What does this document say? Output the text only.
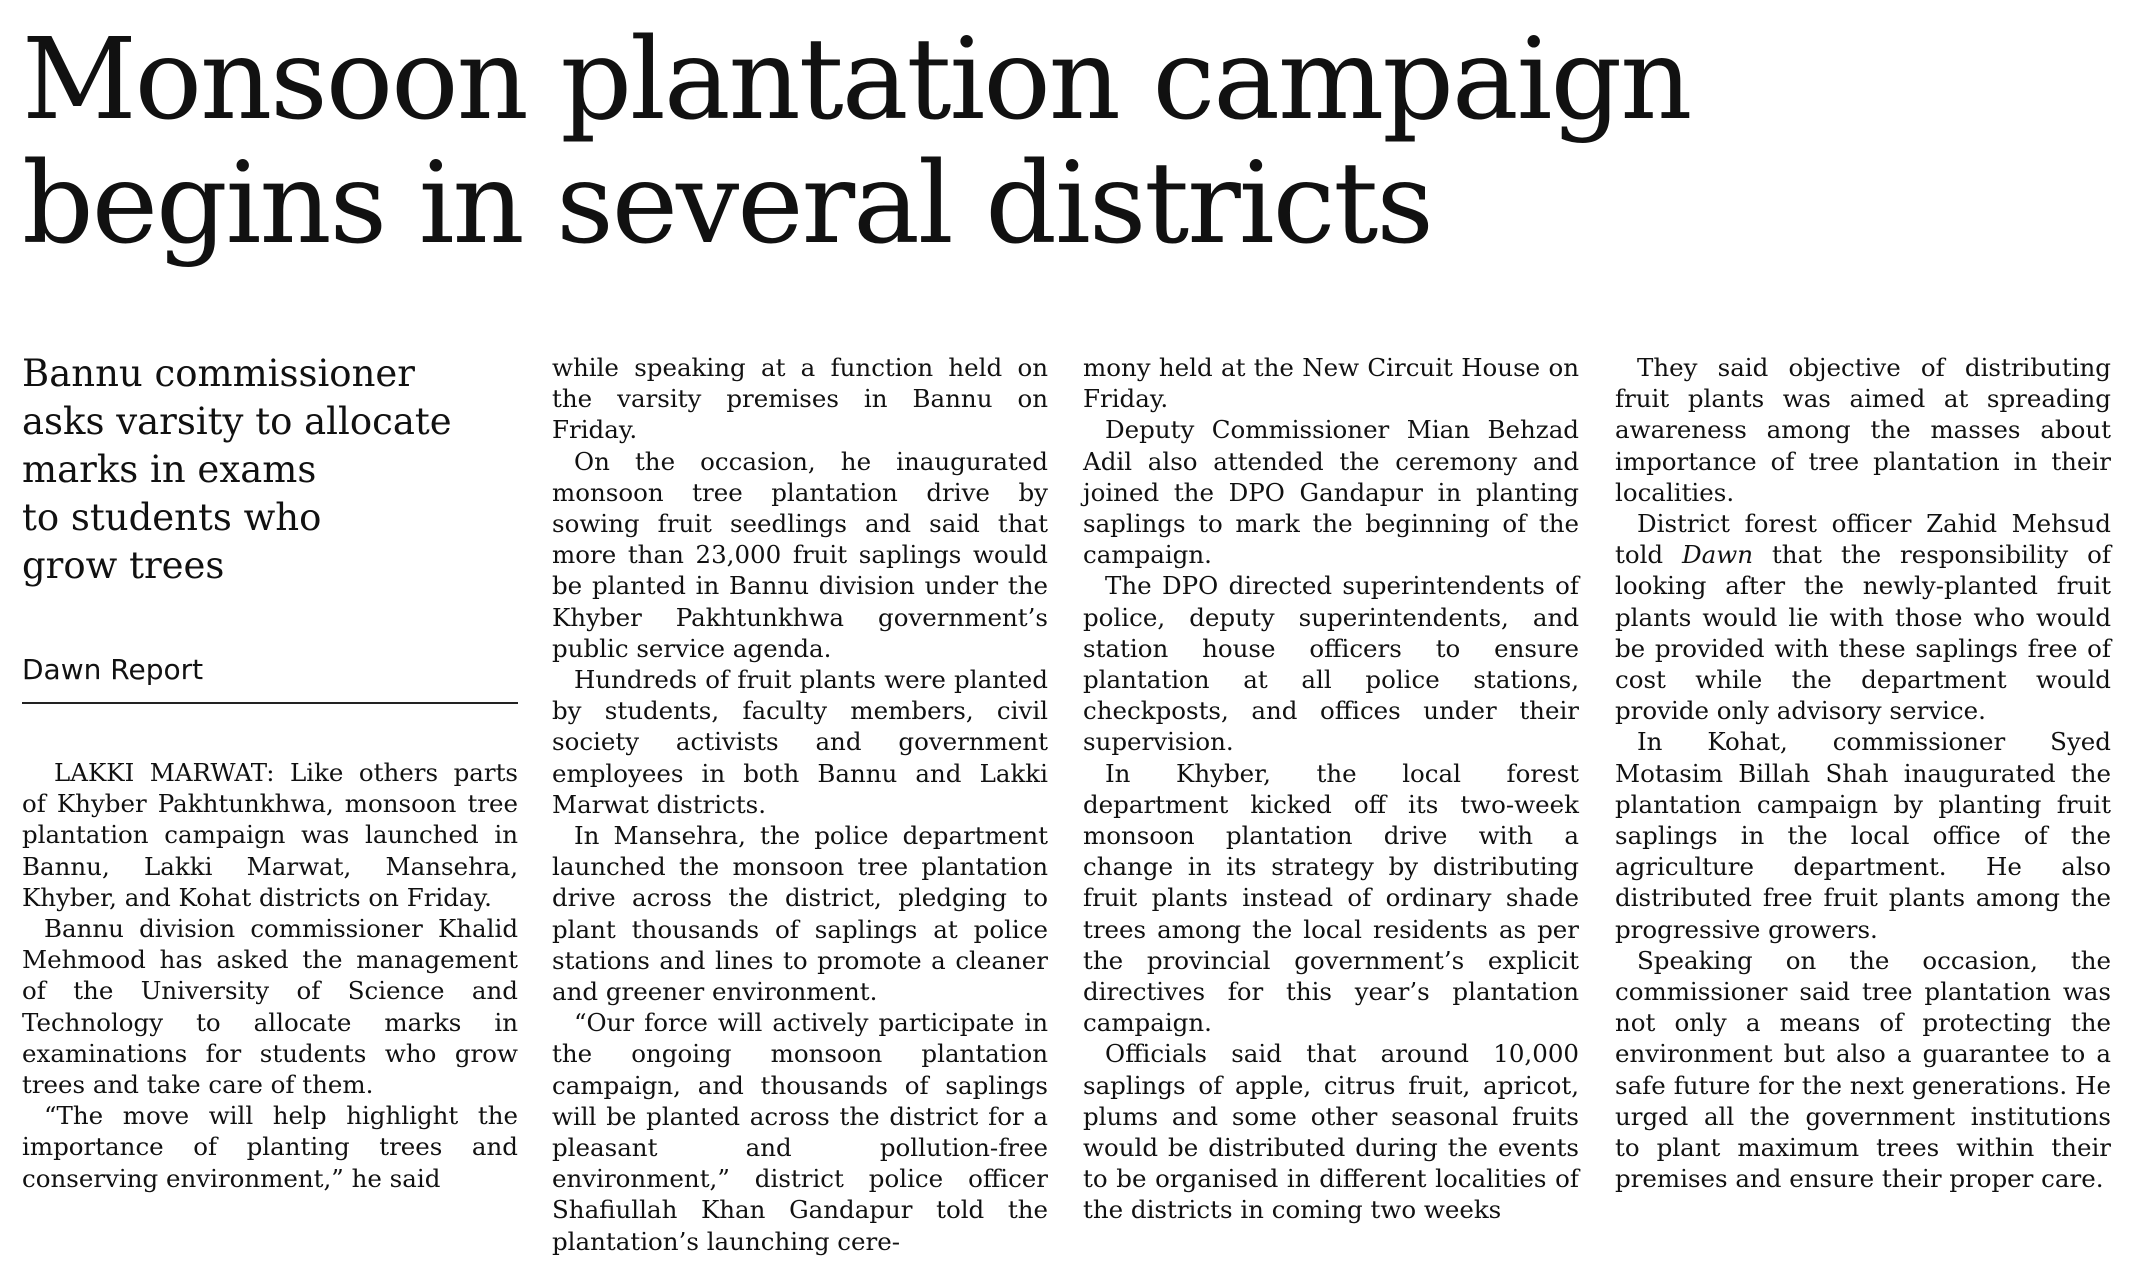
Monsoon plantation campaign
begins in several districts
Bannu commissioner
asks varsity to allocate
marks in exams
to students who
grow trees
Dawn Report

LAKKI MARWAT: Like others parts of Khyber Pakhtunkhwa, monsoon tree plantation campaign was launched in Bannu, Lakki Marwat, Mansehra, Khyber, and Kohat districts on Friday.

Bannu division commissioner Khalid Mehmood has asked the management of the University of Science and Technology to allocate marks in examinations for students who grow trees and take care of them.

“The move will help highlight the importance of planting trees and conserving environment,” he said

while speaking at a function held on the varsity premises in Bannu on Friday.

On the occasion, he inaugurated monsoon tree plantation drive by sowing fruit seedlings and said that more than 23,000 fruit saplings would be planted in Bannu division under the Khyber Pakhtunkhwa government’s public service agenda.

Hundreds of fruit plants were planted by students, faculty members, civil society activists and government employees in both Bannu and Lakki Marwat districts.

In Mansehra, the police department launched the monsoon tree plantation drive across the district, pledging to plant thousands of saplings at police stations and lines to promote a cleaner and greener environment.

“Our force will actively participate in the ongoing monsoon plantation campaign, and thousands of saplings will be planted across the district for a pleasant and pollution-free environment,” district police officer Shafiullah Khan Gandapur told the plantation’s launching cere-

mony held at the New Circuit House on Friday.

Deputy Commissioner Mian Behzad Adil also attended the ceremony and joined the DPO Gandapur in planting saplings to mark the beginning of the campaign.

The DPO directed superintendents of police, deputy superintendents, and station house officers to ensure plantation at all police stations, checkposts, and offices under their supervision.

In Khyber, the local forest department kicked off its two-week monsoon plantation drive with a change in its strategy by distributing fruit plants instead of ordinary shade trees among the local residents as per the provincial government’s explicit directives for this year’s plantation campaign.

Officials said that around 10,000 saplings of apple, citrus fruit, apricot, plums and some other seasonal fruits would be distributed during the events to be organised in different localities of the districts in coming two weeks

They said objective of distributing fruit plants was aimed at spreading awareness among the masses about importance of tree plantation in their localities.

District forest officer Zahid Mehsud told Dawn that the responsibility of looking after the newly-planted fruit plants would lie with those who would be provided with these saplings free of cost while the department would provide only advisory service.

In Kohat, commissioner Syed Motasim Billah Shah inaugurated the plantation campaign by planting fruit saplings in the local office of the agriculture department. He also distributed free fruit plants among the progressive growers.

Speaking on the occasion, the commissioner said tree plantation was not only a means of protecting the environment but also a guarantee to a safe future for the next generations. He urged all the government institutions to plant maximum trees within their premises and ensure their proper care.
